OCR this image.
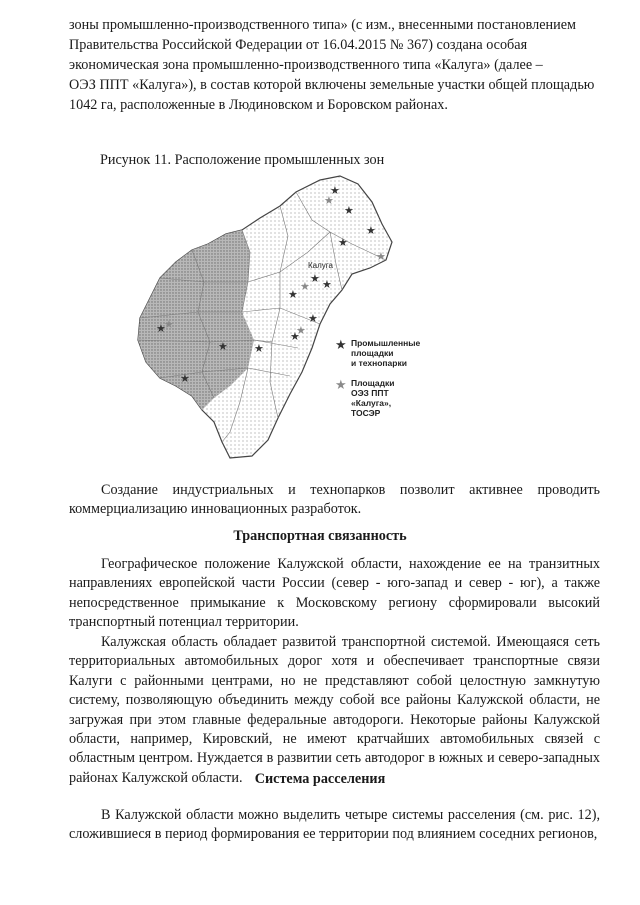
зоны промышленно-производственного типа» (с изм., внесенными постановлением

Правительства Российской Федерации от 16.04.2015 № 367) создана особая

экономическая зона промышленно-производственного типа «Калуга» (далее –

ОЭЗ ППТ «Калуга»), в состав которой включены земельные участки общей площадью

1042 га, расположенные в Людиновском и Боровском районах.

Рисунок 11. Расположение промышленных зон

Калуга
★
★
★
★
★ ★
★
★
★
★ ★
★
★
★
★
★
★
★
★ Промышленные
площадки
и технопарки
★ Площадки
ОЭЗ ППТ «Калуга»,
ТОСЭР

Создание индустриальных и технопарков позволит активнее проводить коммерциализацию инновационных разработок.

Транспортная связанность

Географическое положение Калужской области, нахождение ее на транзитных направлениях европейской части России (север - юго-запад и север - юг), а также непосредственное примыкание к Московскому региону сформировали высокий транспортный потенциал территории.

Калужская область обладает развитой транспортной системой. Имеющаяся сеть территориальных автомобильных дорог хотя и обеспечивает транспортные связи Калуги с районными центрами, но не представляют собой целостную замкнутую систему, позволяющую объединить между собой все районы Калужской области, не загружая при этом главные федеральные автодороги. Некоторые районы Калужской области, например, Кировский, не имеют кратчайших автомобильных связей с областным центром. Нуждается в развитии сеть автодорог в южных и северо-западных районах Калужской области. Система расселения

В Калужской области можно выделить четыре системы расселения (см. рис. 12), сложившиеся в период формирования ее территории под влиянием соседних регионов,
